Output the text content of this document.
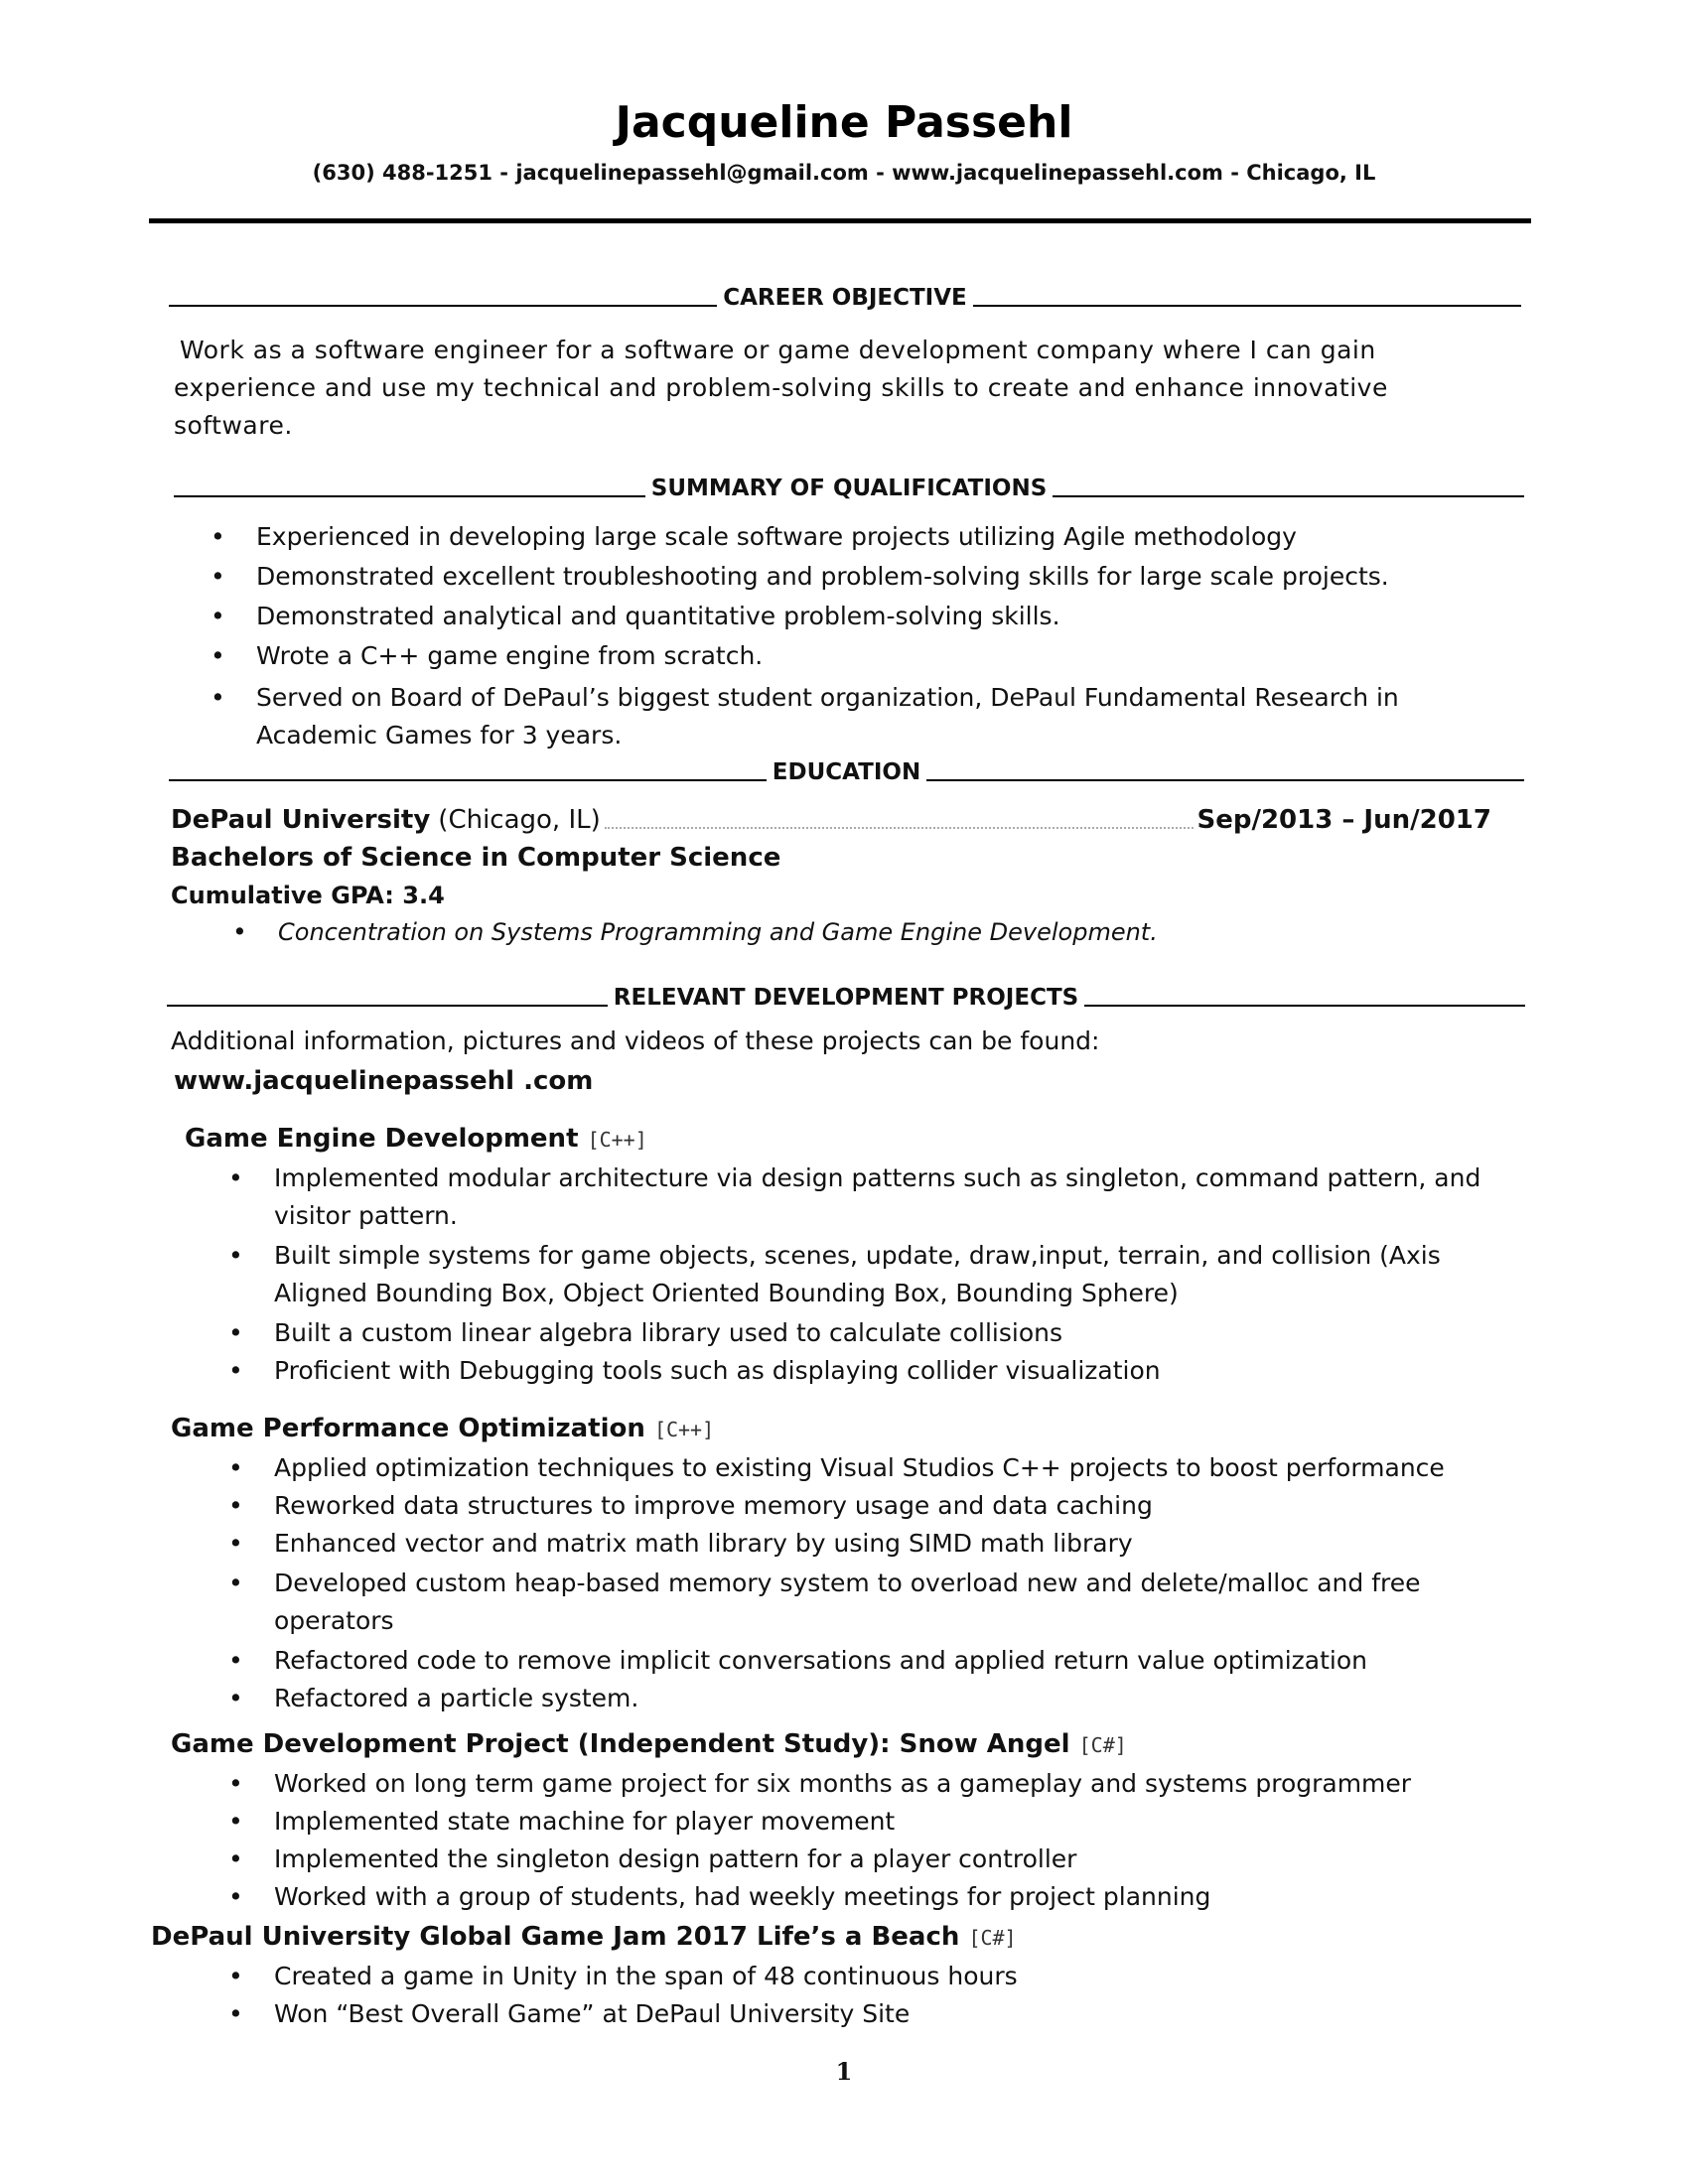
Jacqueline Passehl
(630) 488-1251 - jacquelinepassehl@gmail.com - www.jacquelinepassehl.com - Chicago, IL
CAREER OBJECTIVE
Work as a software engineer for a software or game development company where I can gain experience and use my technical and problem-solving skills to create and enhance innovative software.
SUMMARY OF QUALIFICATIONS
• Experienced in developing large scale software projects utilizing Agile methodology
• Demonstrated excellent troubleshooting and problem-solving skills for large scale projects.
• Demonstrated analytical and quantitative problem-solving skills.
• Wrote a C++ game engine from scratch.
• Served on Board of DePaul’s biggest student organization, DePaul Fundamental Research in Academic Games for 3 years.
EDUCATION
DePaul University (Chicago, IL)	Sep/2013 – Jun/2017
Bachelors of Science in Computer Science
Cumulative GPA: 3.4
• Concentration on Systems Programming and Game Engine Development.
RELEVANT DEVELOPMENT PROJECTS
Additional information, pictures and videos of these projects can be found:
www.jacquelinepassehl .com
Game Engine Development [C++]
• Implemented modular architecture via design patterns such as singleton, command pattern, and visitor pattern.
• Built simple systems for game objects, scenes, update, draw,input, terrain, and collision (Axis Aligned Bounding Box, Object Oriented Bounding Box, Bounding Sphere)
• Built a custom linear algebra library used to calculate collisions
• Proficient with Debugging tools such as displaying collider visualization
Game Performance Optimization [C++]
• Applied optimization techniques to existing Visual Studios C++ projects to boost performance
• Reworked data structures to improve memory usage and data caching
• Enhanced vector and matrix math library by using SIMD math library
• Developed custom heap-based memory system to overload new and delete/malloc and free operators
• Refactored code to remove implicit conversations and applied return value optimization
• Refactored a particle system.
Game Development Project (Independent Study): Snow Angel [C#]
• Worked on long term game project for six months as a gameplay and systems programmer
• Implemented state machine for player movement
• Implemented the singleton design pattern for a player controller
• Worked with a group of students, had weekly meetings for project planning
DePaul University Global Game Jam 2017 Life’s a Beach [C#]
• Created a game in Unity in the span of 48 continuous hours
• Won “Best Overall Game” at DePaul University Site
1
